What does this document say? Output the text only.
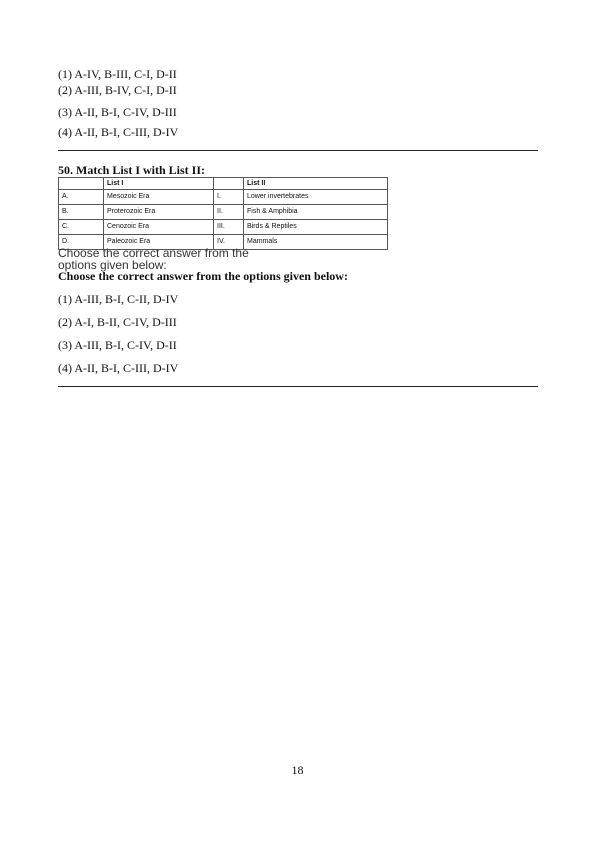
(1) A-IV, B-III, C-I, D-II
(2) A-III, B-IV, C-I, D-II
(3) A-II, B-I, C-IV, D-III
(4) A-II, B-I, C-III, D-IV
50. Match List I with List II:
	List I		List II
A.	Mesozoic Era	I.	Lower invertebrates
B.	Proterozoic Era	II.	Fish & Amphibia
C.	Cenozoic Era	III.	Birds & Reptiles
D.	Paleozoic Era	IV.	Mammals
Choose the correct answer from the options given below:
Choose the correct answer from the options given below:
(1) A-III, B-I, C-II, D-IV
(2) A-I, B-II, C-IV, D-III
(3) A-III, B-I, C-IV, D-II
(4) A-II, B-I, C-III, D-IV
18
